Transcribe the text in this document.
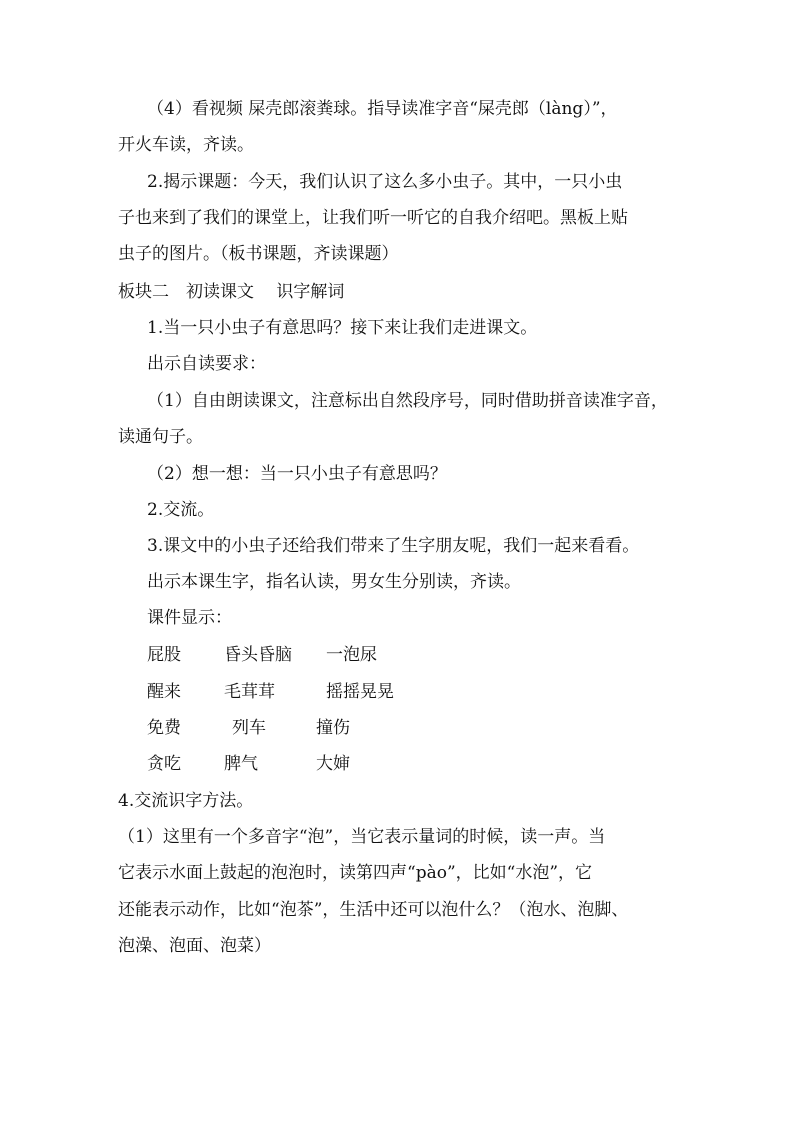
（4）看视频 屎壳郎滚粪球。指导读准字音“屎壳郎（làng）”，
开火车读，齐读。
2.揭示课题：今天，我们认识了这么多小虫子。其中，一只小虫
子也来到了我们的课堂上，让我们听一听它的自我介绍吧。黑板上贴
虫子的图片。（板书课题，齐读课题）
板块二　初读课文　 识字解词
1.当一只小虫子有意思吗？接下来让我们走进课文。
出示自读要求：
（1）自由朗读课文，注意标出自然段序号，同时借助拼音读准字音，
读通句子。
（2）想一想：当一只小虫子有意思吗？
2.交流。
3.课文中的小虫子还给我们带来了生字朋友呢，我们一起来看看。
出示本课生字，指名认读，男女生分别读，齐读。
课件显示：
屁股	昏头昏脑 一泡尿
醒来	毛茸茸	摇摇晃晃
免费	列车	撞伤
贪吃	脾气	大婶
4.交流识字方法。
（1）这里有一个多音字“泡”，当它表示量词的时候，读一声。当
它表示水面上鼓起的泡泡时，读第四声“pào”，比如“水泡”，它
还能表示动作，比如“泡茶”，生活中还可以泡什么？（泡水、泡脚、
泡澡、泡面、泡菜）
